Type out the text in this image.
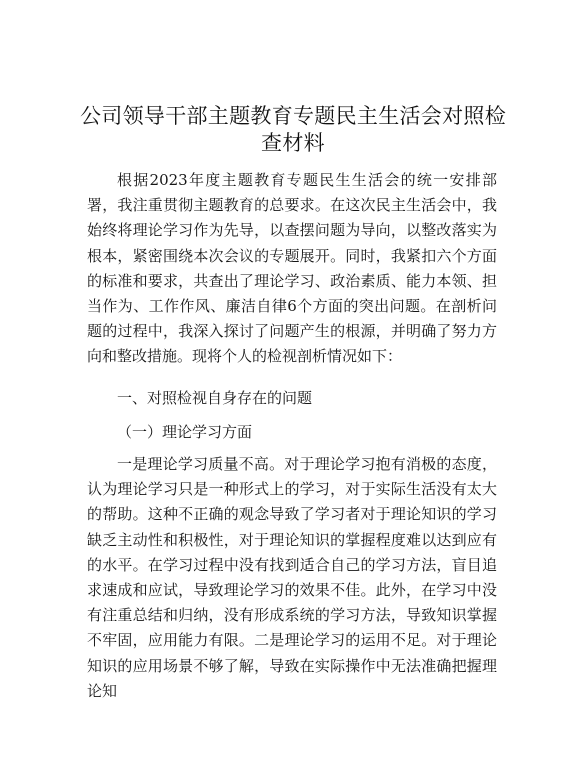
公司领导干部主题教育专题民主生活会对照检查材料

根据2023年度主题教育专题民生生活会的统一安排部署，我注重贯彻主题教育的总要求。在这次民主生活会中，我始终将理论学习作为先导，以查摆问题为导向，以整改落实为根本，紧密围绕本次会议的专题展开。同时，我紧扣六个方面的标准和要求，共查出了理论学习、政治素质、能力本领、担当作为、工作作风、廉洁自律6个方面的突出问题。在剖析问题的过程中，我深入探讨了问题产生的根源，并明确了努力方向和整改措施。现将个人的检视剖析情况如下：

一、对照检视自身存在的问题

（一）理论学习方面

一是理论学习质量不高。对于理论学习抱有消极的态度，认为理论学习只是一种形式上的学习，对于实际生活没有太大的帮助。这种不正确的观念导致了学习者对于理论知识的学习缺乏主动性和积极性，对于理论知识的掌握程度难以达到应有的水平。在学习过程中没有找到适合自己的学习方法，盲目追求速成和应试，导致理论学习的效果不佳。此外，在学习中没有注重总结和归纳，没有形成系统的学习方法，导致知识掌握不牢固，应用能力有限。二是理论学习的运用不足。对于理论知识的应用场景不够了解，导致在实际操作中无法准确把握理论知
